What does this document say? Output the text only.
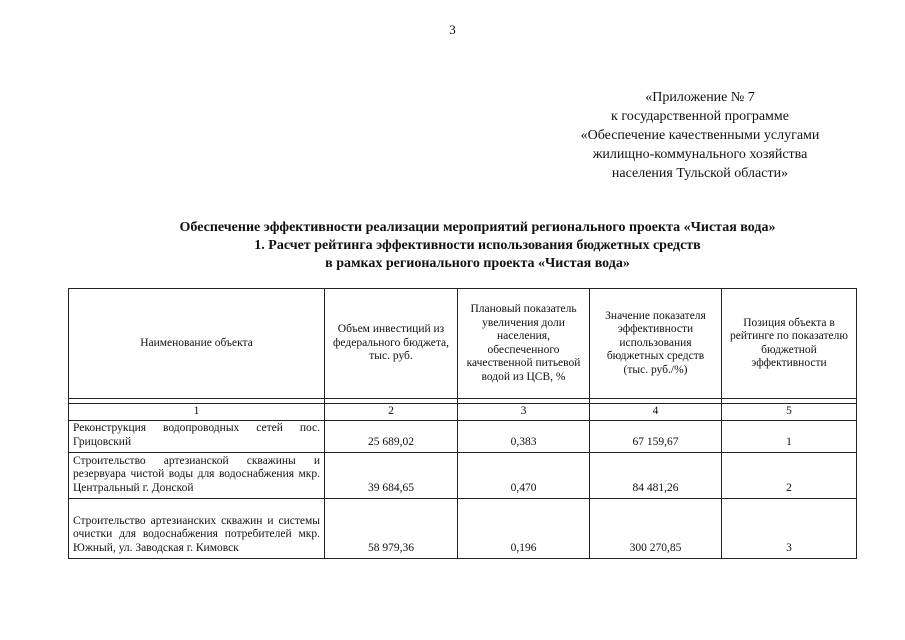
3
«Приложение № 7
к государственной программе
«Обеспечение качественными услугами
жилищно-коммунального хозяйства
населения Тульской области»
Обеспечение эффективности реализации мероприятий регионального проекта «Чистая вода»
1. Расчет рейтинга эффективности использования бюджетных средств
в рамках регионального проекта «Чистая вода»
Наименование объекта	Объем инвестиций из федерального бюджета, тыс. руб.	Плановый показатель увеличения доли населения, обеспеченного качественной питьевой водой из ЦСВ, %	Значение показателя эффективности использования бюджетных средств (тыс. руб./%)	Позиция объекта в рейтинге по показателю бюджетной эффективности

1	2	3	4	5
Реконструкция водопроводных сетей пос. Грицовский	25 689,02	0,383	67 159,67	1
Строительство артезианской скважины и резервуара чистой воды для водоснабжения мкр. Центральный г. Донской	39 684,65	0,470	84 481,26	2
Строительство артезианских скважин и системы очистки для водоснабжения потребителей мкр. Южный, ул. Заводская г. Кимовск	58 979,36	0,196	300 270,85	3
